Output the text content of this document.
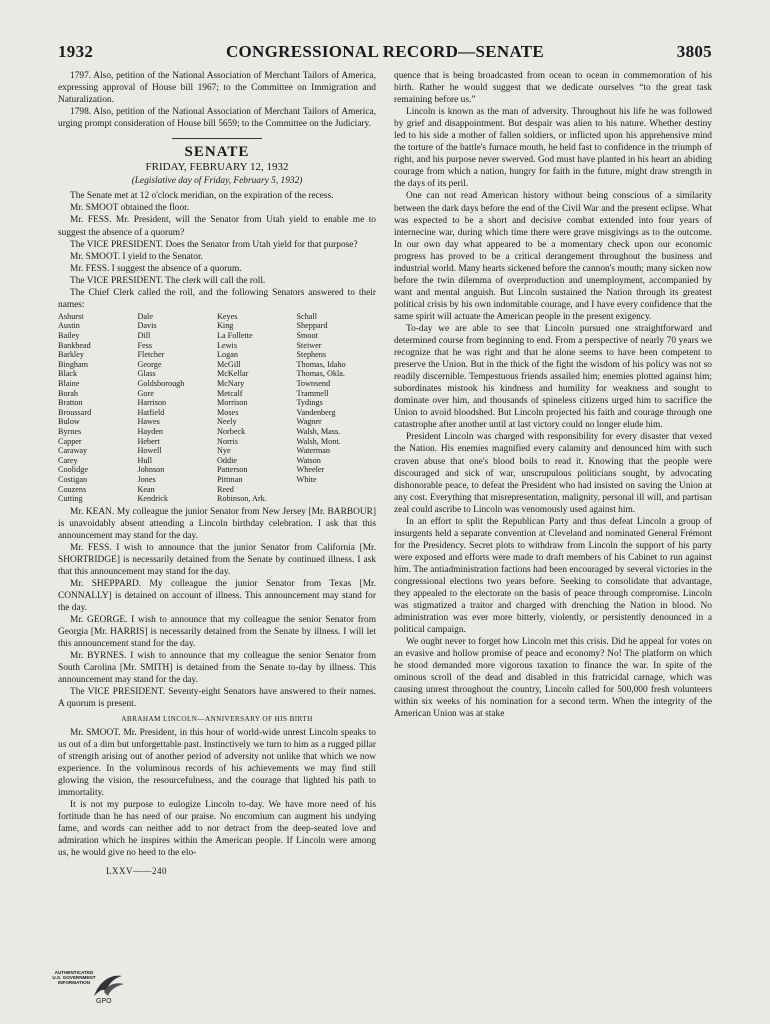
1932	CONGRESSIONAL RECORD—SENATE	3805

1797. Also, petition of the National Association of Merchant Tailors of America, expressing approval of House bill 1967; to the Committee on Immigration and Naturalization.

1798. Also, petition of the National Association of Merchant Tailors of America, urging prompt consideration of House bill 5659; to the Committee on the Judiciary.

SENATE
FRIDAY, FEBRUARY 12, 1932
(Legislative day of Friday, February 5, 1932)

The Senate met at 12 o'clock meridian, on the expiration of the recess.

Mr. SMOOT obtained the floor.

Mr. FESS. Mr. President, will the Senator from Utah yield to enable me to suggest the absence of a quorum?

The VICE PRESIDENT. Does the Senator from Utah yield for that purpose?

Mr. SMOOT. I yield to the Senator.

Mr. FESS. I suggest the absence of a quorum.

The VICE PRESIDENT. The clerk will call the roll.

The Chief Clerk called the roll, and the following Senators answered to their names:

Ashurst
Austin
Bailey
Bankhead
Barkley
Bingham
Black
Blaine
Borah
Bratton
Broussard
Bulow
Byrnes
Capper
Caraway
Carey
Coolidge
Costigan
Couzens
Cutting
Dale
Davis
Dill
Fess
Fletcher
George
Glass
Goldsborough
Gore
Harrison
Hatfield
Hawes
Hayden
Hebert
Howell
Hull
Johnson
Jones
Kean
Kendrick
Keyes
King
La Follette
Lewis
Logan
McGill
McKellar
McNary
Metcalf
Morrison
Moses
Neely
Norbeck
Norris
Nye
Oddie
Patterson
Pittman
Reed
Robinson, Ark.
Schall
Sheppard
Smoot
Steiwer
Stephens
Thomas, Idaho
Thomas, Okla.
Townsend
Trammell
Tydings
Vandenberg
Wagner
Walsh, Mass.
Walsh, Mont.
Waterman
Watson
Wheeler
White

Mr. KEAN. My colleague the junior Senator from New Jersey [Mr. BARBOUR] is unavoidably absent attending a Lincoln birthday celebration. I ask that this announcement may stand for the day.

Mr. FESS. I wish to announce that the junior Senator from California [Mr. SHORTRIDGE] is necessarily detained from the Senate by continued illness. I ask that this announcement may stand for the day.

Mr. SHEPPARD. My colleague the junior Senator from Texas [Mr. CONNALLY] is detained on account of illness. This announcement may stand for the day.

Mr. GEORGE. I wish to announce that my colleague the senior Senator from Georgia [Mr. HARRIS] is necessarily detained from the Senate by illness. I will let this announcement stand for the day.

Mr. BYRNES. I wish to announce that my colleague the senior Senator from South Carolina [Mr. SMITH] is detained from the Senate to-day by illness. This announcement may stand for the day.

The VICE PRESIDENT. Seventy-eight Senators have answered to their names. A quorum is present.

ABRAHAM LINCOLN—ANNIVERSARY OF HIS BIRTH

Mr. SMOOT. Mr. President, in this hour of world-wide unrest Lincoln speaks to us out of a dim but unforgettable past. Instinctively we turn to him as a rugged pillar of strength arising out of another period of adversity not unlike that which we now experience. In the voluminous records of his achievements we may find still glowing the vision, the resourcefulness, and the courage that lighted his path to immortality.

It is not my purpose to eulogize Lincoln to-day. We have more need of his fortitude than he has need of our praise. No encomium can augment his undying fame, and words can neither add to nor detract from the deep-seated love and admiration which he inspires within the American people. If Lincoln were among us, he would give no heed to the elo-

LXXV——240

quence that is being broadcasted from ocean to ocean in commemoration of his birth. Rather he would suggest that we dedicate ourselves “to the great task remaining before us.”

Lincoln is known as the man of adversity. Throughout his life he was followed by grief and disappointment. But despair was alien to his nature. Whether destiny led to his side a mother of fallen soldiers, or inflicted upon his apprehensive mind the torture of the battle's furnace mouth, he held fast to confidence in the triumph of right, and his purpose never swerved. God must have planted in his heart an abiding courage from which a nation, hungry for faith in the future, might draw strength in the days of its peril.

One can not read American history without being conscious of a similarity between the dark days before the end of the Civil War and the present eclipse. What was expected to be a short and decisive combat extended into four years of internecine war, during which time there were grave misgivings as to the outcome. In our own day what appeared to be a momentary check upon our economic progress has proved to be a critical derangement throughout the business and industrial world. Many hearts sickened before the cannon's mouth; many sicken now before the twin dilemma of overproduction and unemployment, accompanied by want and mental anguish. But Lincoln sustained the Nation through its greatest political crisis by his own indomitable courage, and I have every confidence that the same spirit will actuate the American people in the present exigency.

To-day we are able to see that Lincoln pursued one straightforward and determined course from beginning to end. From a perspective of nearly 70 years we recognize that he was right and that he alone seems to have been competent to preserve the Union. But in the thick of the fight the wisdom of his policy was not so readily discernible. Tempestuous friends assailed him; enemies plotted against him; subordinates mistook his kindness and humility for weakness and sought to dominate over him, and thousands of spineless citizens urged him to sacrifice the Union to avoid bloodshed. But Lincoln projected his faith and courage through one catastrophe after another until at last victory could no longer elude him.

President Lincoln was charged with responsibility for every disaster that vexed the Nation. His enemies magnified every calamity and denounced him with such craven abuse that one's blood boils to read it. Knowing that the people were discouraged and sick of war, unscrupulous politicians sought, by advocating dishonorable peace, to defeat the President who had insisted on saving the Union at any cost. Everything that misrepresentation, malignity, personal ill will, and partisan zeal could ascribe to Lincoln was venomously used against him.

In an effort to split the Republican Party and thus defeat Lincoln a group of insurgents held a separate convention at Cleveland and nominated General Frémont for the Presidency. Secret plots to withdraw from Lincoln the support of his party were exposed and efforts were made to draft members of his Cabinet to run against him. The antiadministration factions had been encouraged by several victories in the congressional elections two years before. Seeking to consolidate that advantage, they appealed to the electorate on the basis of peace through compromise. Lincoln was stigmatized a traitor and charged with drenching the Nation in blood. No administration was ever more bitterly, violently, or persistently denounced in a political campaign.

We ought never to forget how Lincoln met this crisis. Did he appeal for votes on an evasive and hollow promise of peace and economy? No! The platform on which he stood demanded more vigorous taxation to finance the war. In spite of the ominous scroll of the dead and disabled in this fratricidal carnage, which was causing unrest throughout the country, Lincoln called for 500,000 fresh volunteers within six weeks of his nomination for a second term. When the integrity of the American Union was at stake

AUTHENTICATED
U.S. GOVERNMENT
INFORMATION
GPO
